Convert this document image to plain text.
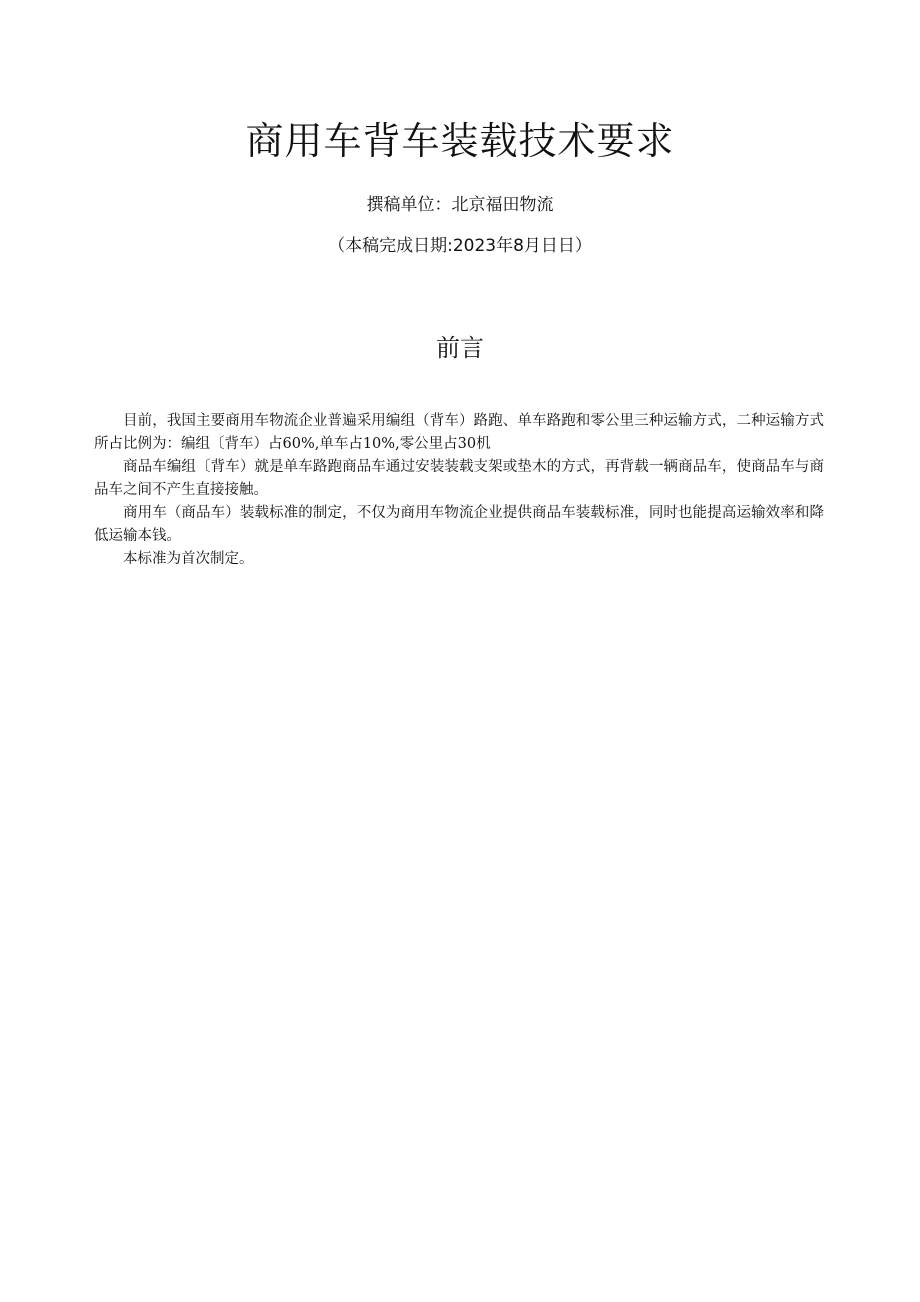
商用车背车装载技术要求

撰稿单位：北京福田物流

（本稿完成日期:2023年8月日日）

前言

目前，我国主要商用车物流企业普遍采用编组（背车）路跑、单车路跑和零公里三种运输方式，二种运输方式所占比例为：编组〔背车）占60%,单车占10%,零公里占30机

商品车编组〔背车）就是单车路跑商品车通过安装装载支架或垫木的方式，再背载一辆商品车，使商品车与商品车之间不产生直接接触。

商用车（商品车）装载标准的制定，不仅为商用车物流企业提供商品车装载标准，同时也能提高运输效率和降低运输本钱。

本标准为首次制定。
